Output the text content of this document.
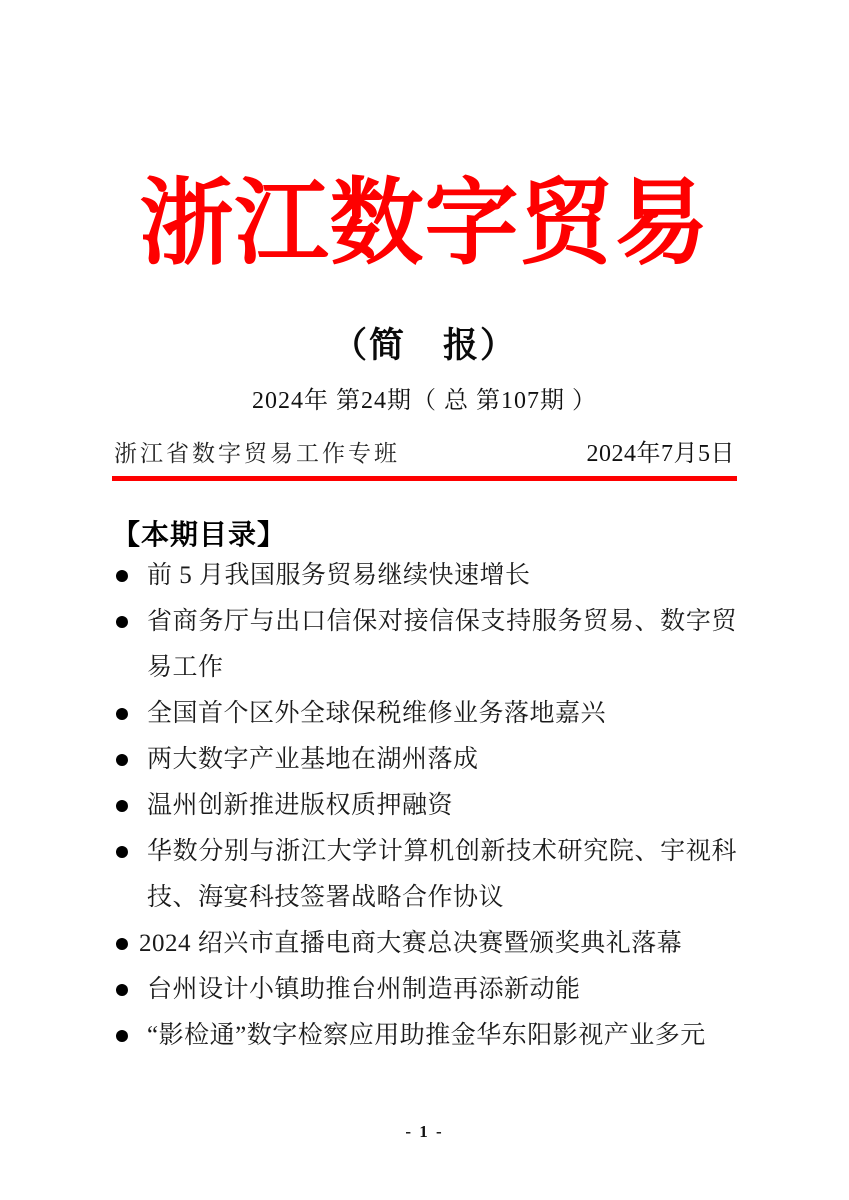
浙江数字贸易
（简　报）
2024年 第24期（ 总 第107期 ）
浙江省数字贸易工作专班	2024年7月5日
【本期目录】
前 5 月我国服务贸易继续快速增长
省商务厅与出口信保对接信保支持服务贸易、数字贸易工作
全国首个区外全球保税维修业务落地嘉兴
两大数字产业基地在湖州落成
温州创新推进版权质押融资
华数分别与浙江大学计算机创新技术研究院、宇视科技、海宴科技签署战略合作协议
2024 绍兴市直播电商大赛总决赛暨颁奖典礼落幕
台州设计小镇助推台州制造再添新动能
“影检通”数字检察应用助推金华东阳影视产业多元
- 1 -
